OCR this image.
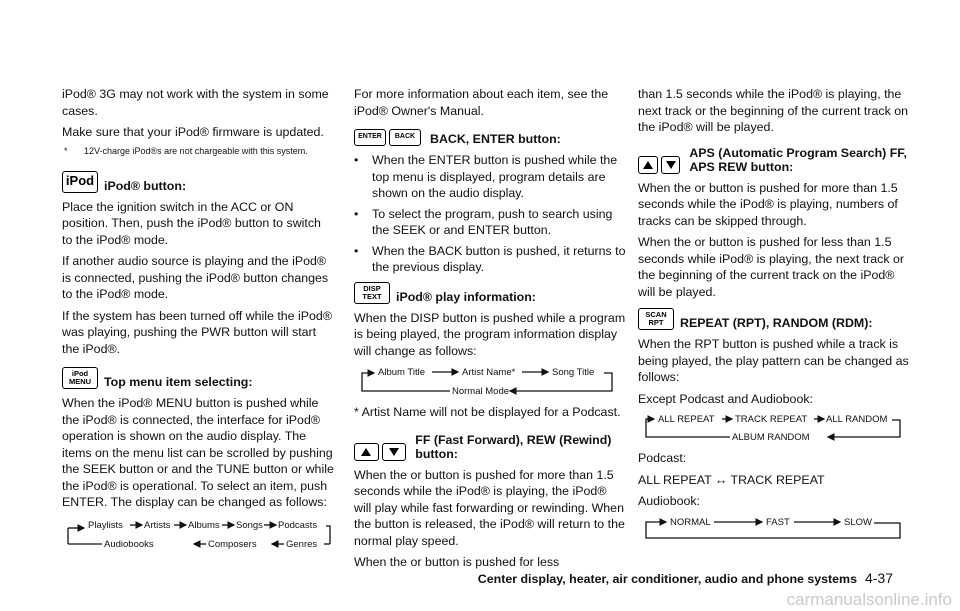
iPod® 3G may not work with the system in some cases.

Make sure that your iPod® firmware is updated.

*	12V-charge iPod®s are not chargeable with this system.
iPod iPod® button:

Place the ignition switch in the ACC or ON position. Then, push the iPod® button to switch to the iPod® mode.

If another audio source is playing and the iPod® is connected, pushing the iPod® button changes to the iPod® mode.

If the system has been turned off while the iPod® was playing, pushing the PWR button will start the iPod®.

iPod
MENU Top menu item selecting:

When the iPod® MENU button is pushed while the iPod® is connected, the interface for iPod® operation is shown on the audio display. The items on the menu list can be scrolled by pushing the SEEK button or and the TUNE button or while the iPod® is operational. To select an item, push ENTER. The display can be changed as follows:

Playlists Artists Albums Songs Podcasts
Genres
Composers
Audiobooks

For more information about each item, see the iPod® Owner's Manual.

ENTER	BACK	BACK, ENTER button:
• When the ENTER button is pushed while the top menu is displayed, program details are shown on the audio display.
• To select the program, push to search using the SEEK or and ENTER button.
• When the BACK button is pushed, it returns to the previous display.
DISP
TEXT iPod® play information:

When the DISP button is pushed while a program is being played, the program information display will change as follows:

Album Title	Artist Name*	Song Title
Normal Mode

* Artist Name will not be displayed for a Podcast.

FF (Fast Forward), REW (Rewind) button:

When the or button is pushed for more than 1.5 seconds while the iPod® is playing, the iPod® will play while fast forwarding or rewinding. When the button is released, the iPod® will return to the normal play speed.

When the or button is pushed for less

than 1.5 seconds while the iPod® is playing, the next track or the beginning of the current track on the iPod® will be played.

APS (Automatic Program Search) FF, APS REW button:

When the or button is pushed for more than 1.5 seconds while the iPod® is playing, numbers of tracks can be skipped through.

When the or button is pushed for less than 1.5 seconds while iPod® is playing, the next track or the beginning of the current track on the iPod® will be played.

SCAN
RPT REPEAT (RPT), RANDOM (RDM):

When the RPT button is pushed while a track is being played, the play pattern can be changed as follows:

Except Podcast and Audiobook:

ALL REPEAT TRACK REPEAT ALL RANDOM
ALBUM RANDOM

Podcast:

ALL REPEAT ↔ TRACK REPEAT

Audiobook:

NORMAL	FAST	SLOW
Center display, heater, air conditioner, audio and phone systems 4-37
carmanualsonline.info
